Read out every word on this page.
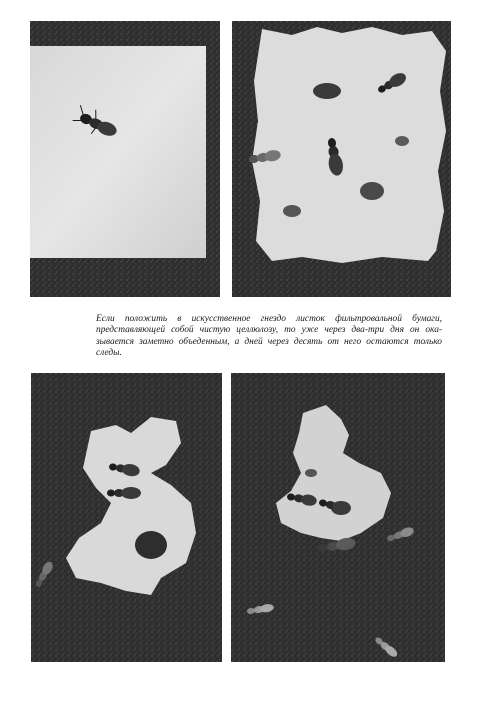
Если положить в искусственное гнездо листок фильтровальной бумаги,
представляющей собой чистую целлюлозу, то уже через два-три дня он ока-
зывается заметно объеденным, а дней через десять от него остаются только
следы.
